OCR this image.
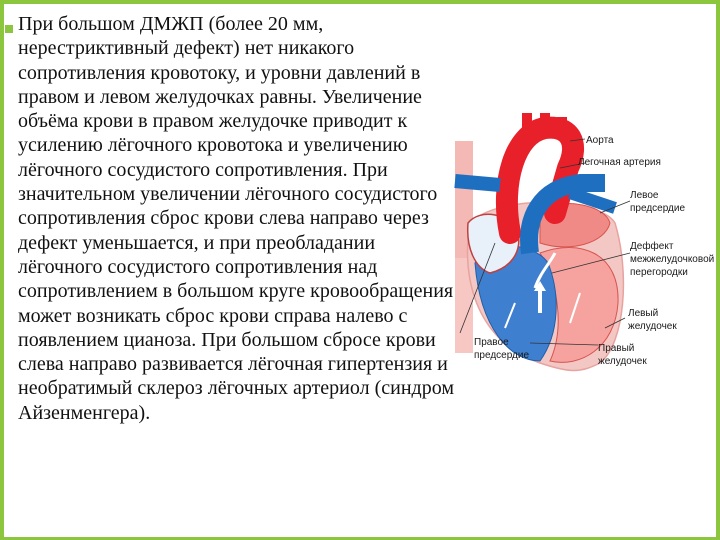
При большом ДМЖП (более 20 мм, нерестриктивный дефект) нет никакого сопротивления кровотоку, и уровни давлений в правом и левом желудочках равны. Увеличение объёма крови в правом желудочке приводит к усилению лёгочного кровотока и увеличению лёгочного сосудистого сопротивления. При значительном увеличении лёгочного сосудистого сопротивления сброс крови слева направо через дефект уменьшается, и при преобладании лёгочного сосудистого сопротивления над сопротивлением в большом круге кровообращения может возникать сброс крови справа налево с появлением цианоза. При большом сбросе крови слева направо развивается лёгочная гипертензия и необратимый склероз лёгочных артериол (синдром Айзенменгера).

Аорта
Легочная артерия
Левое
предсердие
Деффект
межжелудочковой
перегородки
Левый
желудочек
Правое
предсердие
Правый
желудочек
